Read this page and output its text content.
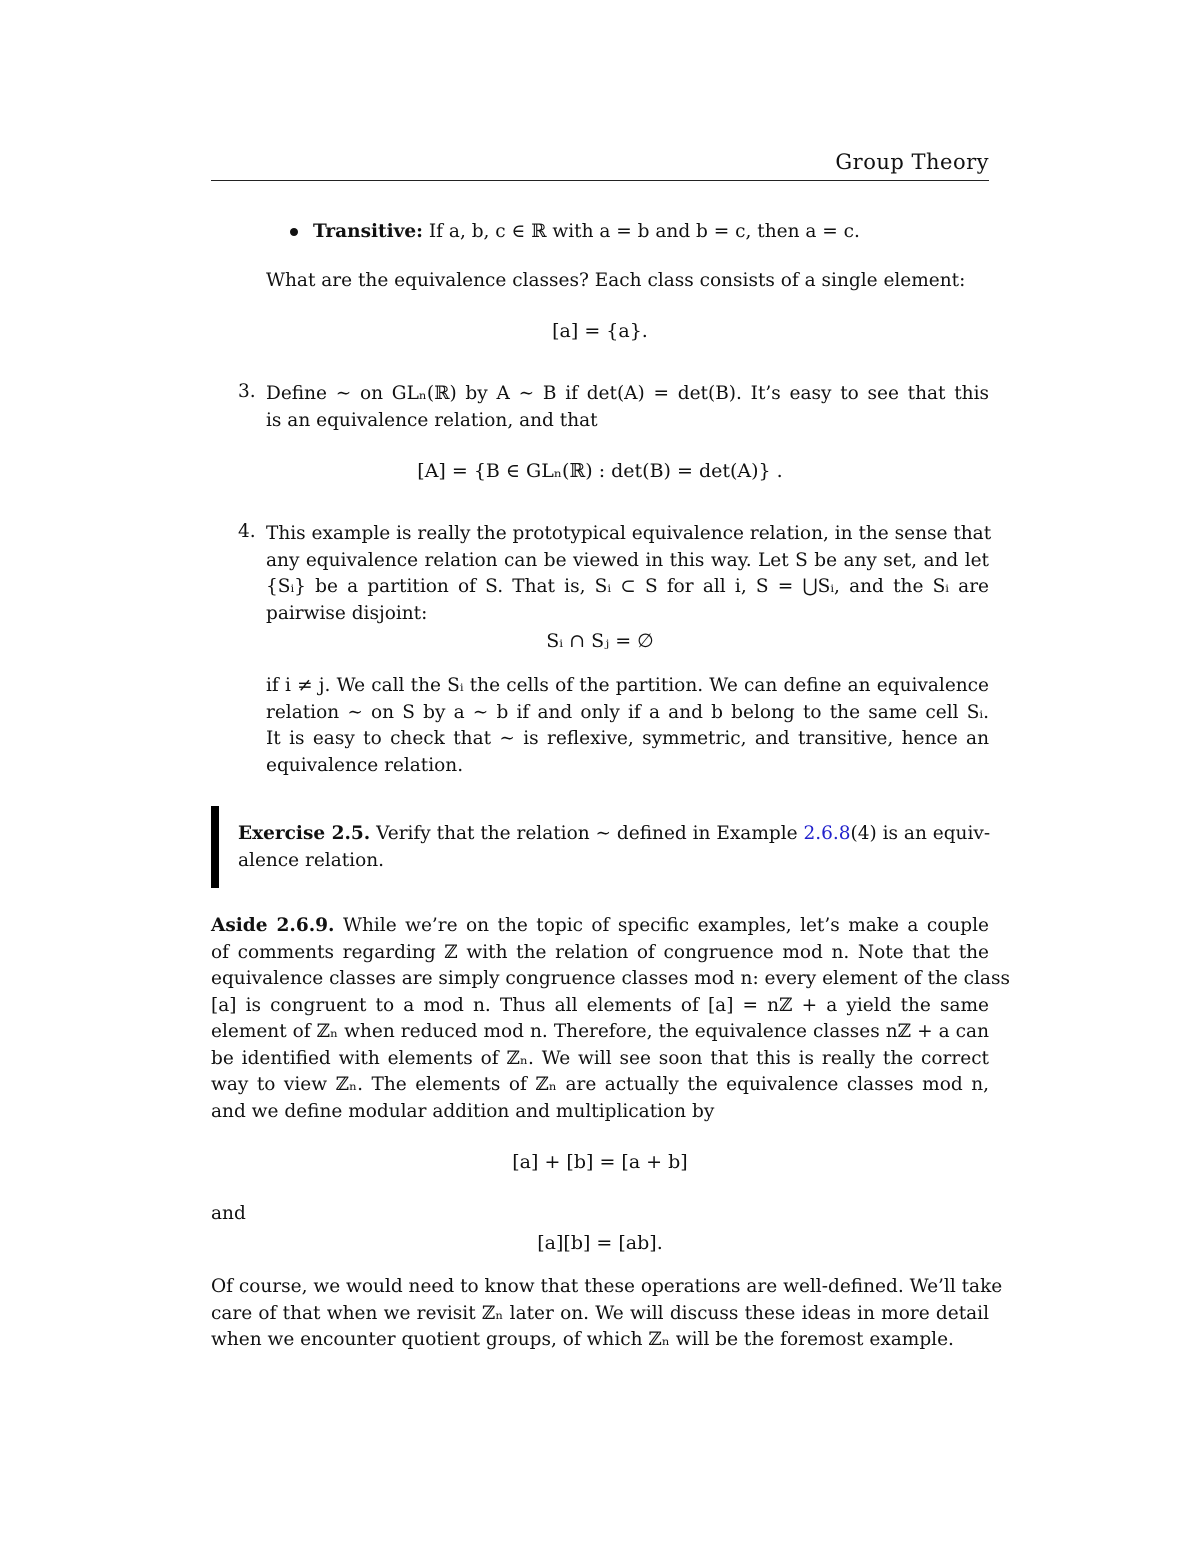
Group Theory
Transitive: If a, b, c ∈ ℝ with a = b and b = c, then a = c.
What are the equivalence classes? Each class consists of a single element:
[a] = {a}.
3. Define ∼ on GLₙ(ℝ) by A ∼ B if det(A) = det(B). It’s easy to see that this
is an equivalence relation, and that
[A] = {B ∈ GLₙ(ℝ) : det(B) = det(A)} .
4. This example is really the prototypical equivalence relation, in the sense that
any equivalence relation can be viewed in this way. Let S be any set, and let
{Sᵢ} be a partition of S. That is, Sᵢ ⊂ S for all i, S = ⋃Sᵢ, and the Sᵢ are
pairwise disjoint:
Sᵢ ∩ Sⱼ = ∅
if i ≠ j. We call the Sᵢ the cells of the partition. We can define an equivalence
relation ∼ on S by a ∼ b if and only if a and b belong to the same cell Sᵢ.
It is easy to check that ∼ is reflexive, symmetric, and transitive, hence an
equivalence relation.
Exercise 2.5. Verify that the relation ∼ defined in Example 2.6.8(4) is an equiv-
alence relation.
Aside 2.6.9. While we’re on the topic of specific examples, let’s make a couple
of comments regarding ℤ with the relation of congruence mod n. Note that the
equivalence classes are simply congruence classes mod n: every element of the class
[a] is congruent to a mod n. Thus all elements of [a] = nℤ + a yield the same
element of ℤₙ when reduced mod n. Therefore, the equivalence classes nℤ + a can
be identified with elements of ℤₙ. We will see soon that this is really the correct
way to view ℤₙ. The elements of ℤₙ are actually the equivalence classes mod n,
and we define modular addition and multiplication by
[a] + [b] = [a + b]
and
[a][b] = [ab].
Of course, we would need to know that these operations are well-defined. We’ll take
care of that when we revisit ℤₙ later on. We will discuss these ideas in more detail
when we encounter quotient groups, of which ℤₙ will be the foremost example.
